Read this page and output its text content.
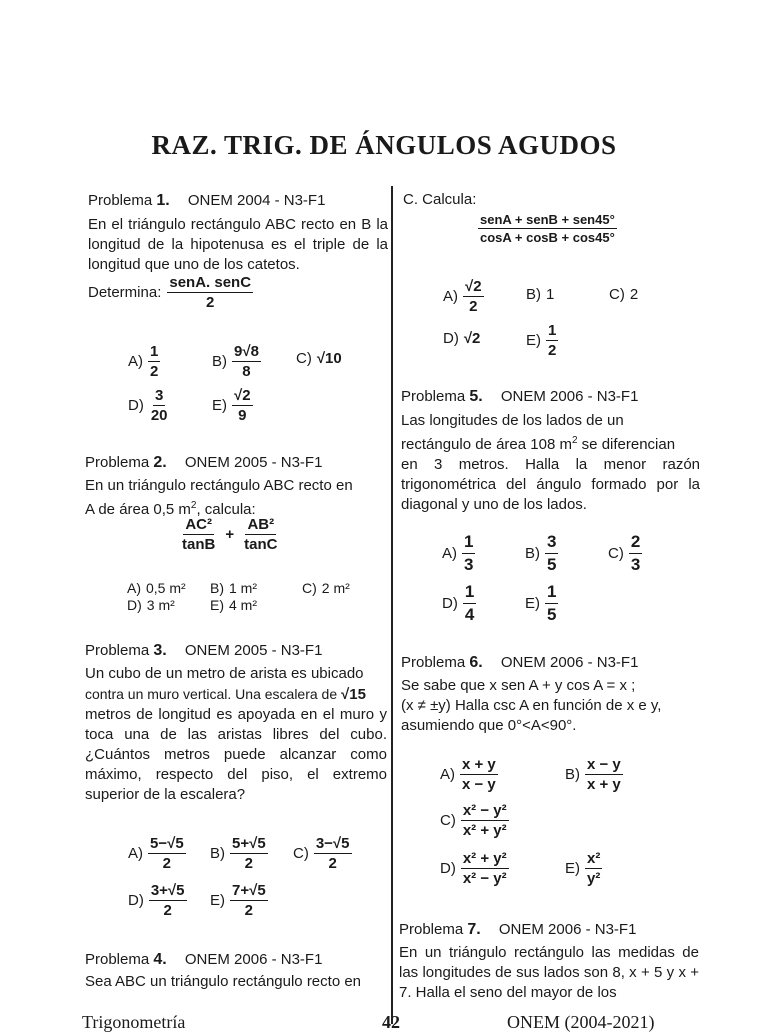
RAZ. TRIG. DE ÁNGULOS AGUDOS
Problema 1. ONEM 2004 - N3-F1
En el triángulo rectángulo ABC recto en B la longitud de la hipotenusa es el triple de la longitud que uno de los catetos.
Determina: $\frac{\text{senA. senC}}{2}$
$A) \frac{1}{2}$	$B) \frac{9√8}{8} C$) √10
$D) \frac{3}{20}$	$E) \frac{√2}{9}$
Problema 2. ONEM 2005 - N3-F1
En un triángulo rectángulo ABC recto en
A de área 0,5 $m^2$, calcula:
$\frac{\text{AC²}}{\tan B} + \frac{\text{AB²}}{\tan C}$
A) 0,5 m² B) 1 m²	C) 2 m²
D) 3 m²	E) 4 m²
Problema 3. ONEM 2005 - N3-F1
Un cubo de un metro de arista es ubicado
contra un muro vertical. Una escalera de √15
metros de longitud es apoyada en el muro y toca una de las aristas libres del cubo. ¿Cuántos metros puede alcanzar como máximo, respecto del piso, el extremo superior de la escalera?
$A) \frac{5-√5}{2} B) \frac{5+√5}{2} C) \frac{3-√5}{2}$
$D) \frac{3+√5}{2} E) \frac{7+√5}{2}$
Problema 4. ONEM 2006 - N3-F1
Sea ABC un triángulo rectángulo recto en
C. Calcula:
$\frac{\text{senA + senB + sen45°}}{\cos A + \cos B + \cos 45^\circ}$
$A) \frac{√2}{2}$	B) 1	C) 2
D) √2	$E) \frac{1}{2}$
Problema 5. ONEM 2006 - N3-F1
Las longitudes de los lados de un
rectángulo de área 108 $m^2$ se diferencian
en 3 metros. Halla la menor razón trigonométrica del ángulo formado por la diagonal y uno de los lados.
$A) \frac{1}{3}$	$B) \frac{3}{5}$	$C) \frac{2}{3}$
$D) \frac{1}{4}$	$E) \frac{1}{5}$
Problema 6. ONEM 2006 - N3-F1
Se sabe que x sen A + y cos A = x ;
(x ≠ ±y) Halla csc A en función de x e y,
asumiendo que 0°<A<90°.
$A) \frac{x + y}{x - y}$	$B) \frac{x - y}{x + y}$
$C) \frac{\text{x² − y²}}{\text{x² + y²}}$
$D) \frac{\text{x² + y²}}{\text{x² − y²}}$	$E) \frac{\text{x²}}{\text{y²}}$
Problema 7. ONEM 2006 - N3-F1
En un triángulo rectángulo las medidas de las longitudes de sus lados son 8, x + 5 y x + 7. Halla el seno del mayor de los
Trigonometría	42	ONEM (2004-2021)
